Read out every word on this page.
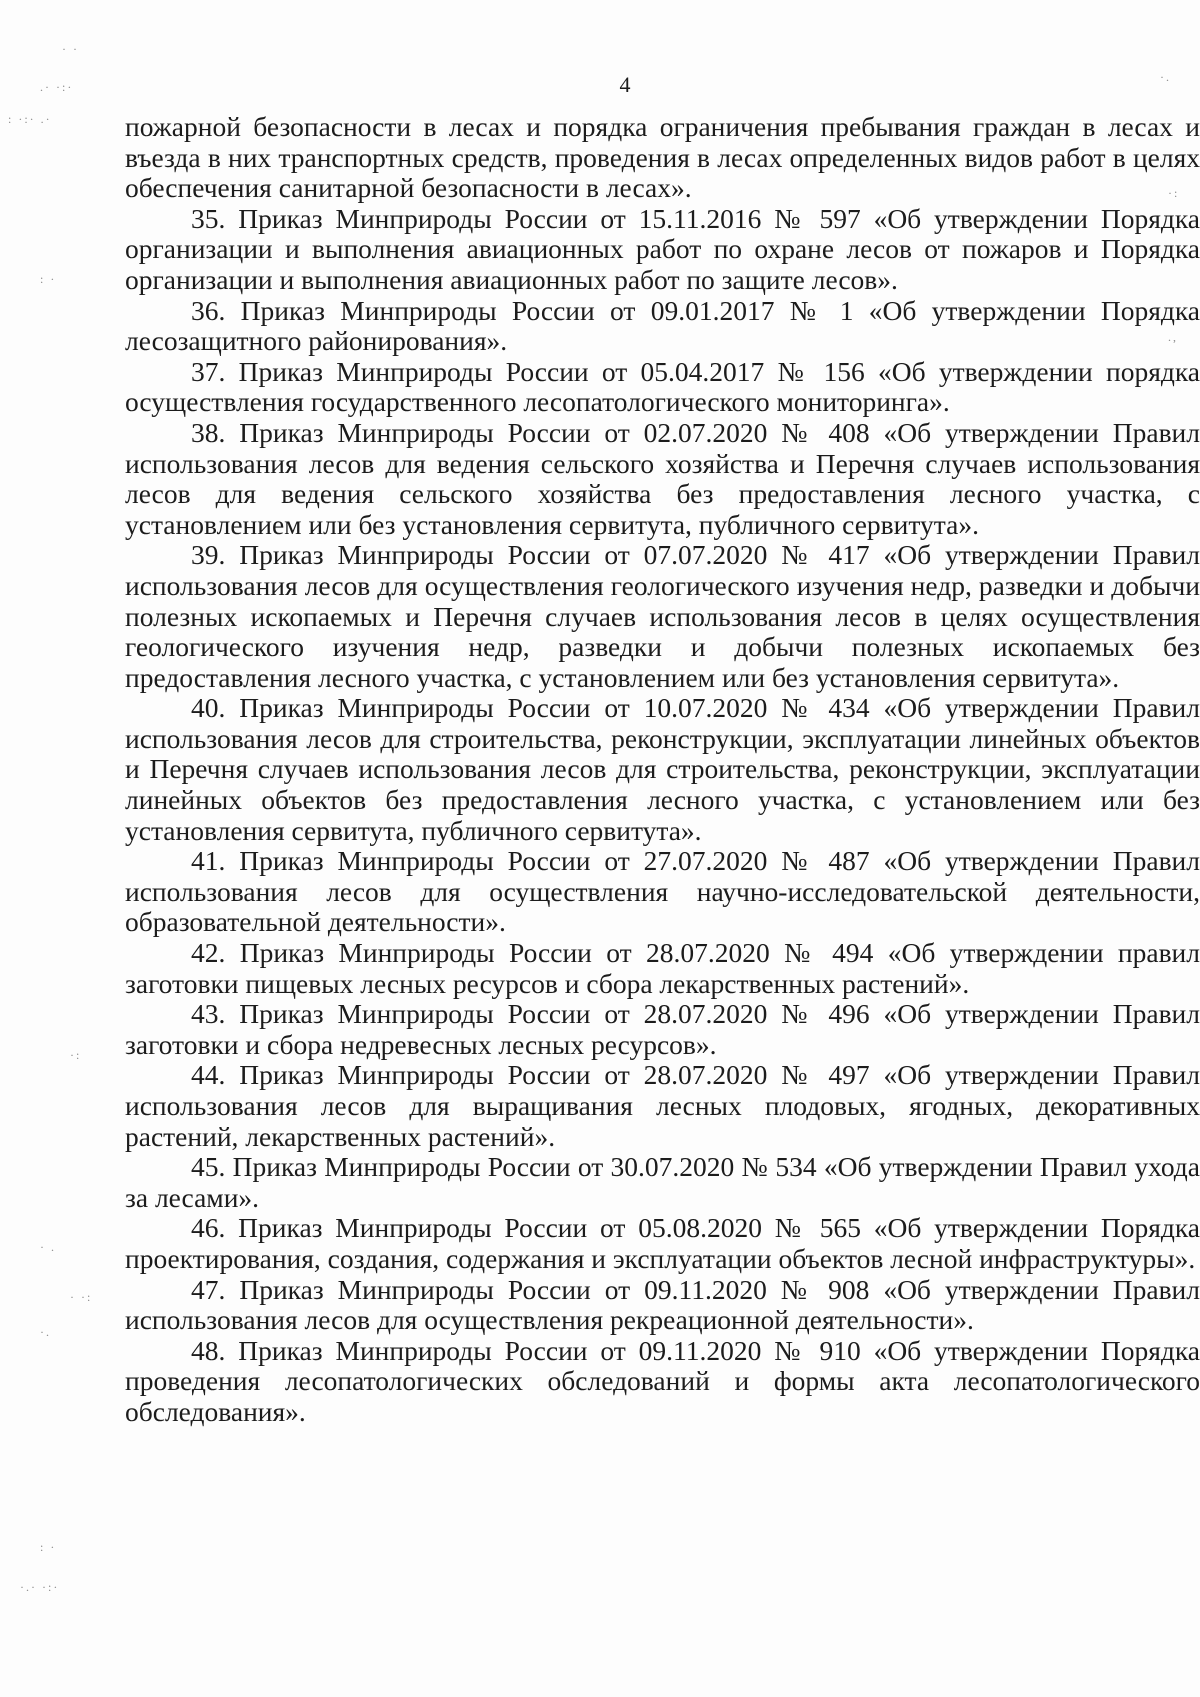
· ·
.· ·:·
: ·:· .·
: ·
·.
·:
.,
·:
· .
· ·:
·.
: ·
·.· ·:·
4

пожарной безопасности в лесах и порядка ограничения пребывания граждан в лесах и въезда в них транспортных средств, проведения в лесах определенных видов работ в целях обеспечения санитарной безопасности в лесах».

35. Приказ Минприроды России от 15.11.2016 № 597 «Об утверждении Порядка организации и выполнения авиационных работ по охране лесов от пожаров и Порядка организации и выполнения авиационных работ по защите лесов».

36. Приказ Минприроды России от 09.01.2017 № 1 «Об утверждении Порядка лесозащитного районирования».

37. Приказ Минприроды России от 05.04.2017 № 156 «Об утверждении порядка осуществления государственного лесопатологического мониторинга».

38. Приказ Минприроды России от 02.07.2020 № 408 «Об утверждении Правил использования лесов для ведения сельского хозяйства и Перечня случаев использования лесов для ведения сельского хозяйства без предоставления лесного участка, с установлением или без установления сервитута, публичного сервитута».

39. Приказ Минприроды России от 07.07.2020 № 417 «Об утверждении Правил использования лесов для осуществления геологического изучения недр, разведки и добычи полезных ископаемых и Перечня случаев использования лесов в целях осуществления геологического изучения недр, разведки и добычи полезных ископаемых без предоставления лесного участка, с установлением или без установления сервитута».

40. Приказ Минприроды России от 10.07.2020 № 434 «Об утверждении Правил использования лесов для строительства, реконструкции, эксплуатации линейных объектов и Перечня случаев использования лесов для строительства, реконструкции, эксплуатации линейных объектов без предоставления лесного участка, с установлением или без установления сервитута, публичного сервитута».

41. Приказ Минприроды России от 27.07.2020 № 487 «Об утверждении Правил использования лесов для осуществления научно-исследовательской деятельности, образовательной деятельности».

42. Приказ Минприроды России от 28.07.2020 № 494 «Об утверждении правил заготовки пищевых лесных ресурсов и сбора лекарственных растений».

43. Приказ Минприроды России от 28.07.2020 № 496 «Об утверждении Правил заготовки и сбора недревесных лесных ресурсов».

44. Приказ Минприроды России от 28.07.2020 № 497 «Об утверждении Правил использования лесов для выращивания лесных плодовых, ягодных, декоративных растений, лекарственных растений».

45. Приказ Минприроды России от 30.07.2020 № 534 «Об утверждении Правил ухода за лесами».

46. Приказ Минприроды России от 05.08.2020 № 565 «Об утверждении Порядка проектирования, создания, содержания и эксплуатации объектов лесной инфраструктуры».

47. Приказ Минприроды России от 09.11.2020 № 908 «Об утверждении Правил использования лесов для осуществления рекреационной деятельности».

48. Приказ Минприроды России от 09.11.2020 № 910 «Об утверждении Порядка проведения лесопатологических обследований и формы акта лесопатологического обследования».
